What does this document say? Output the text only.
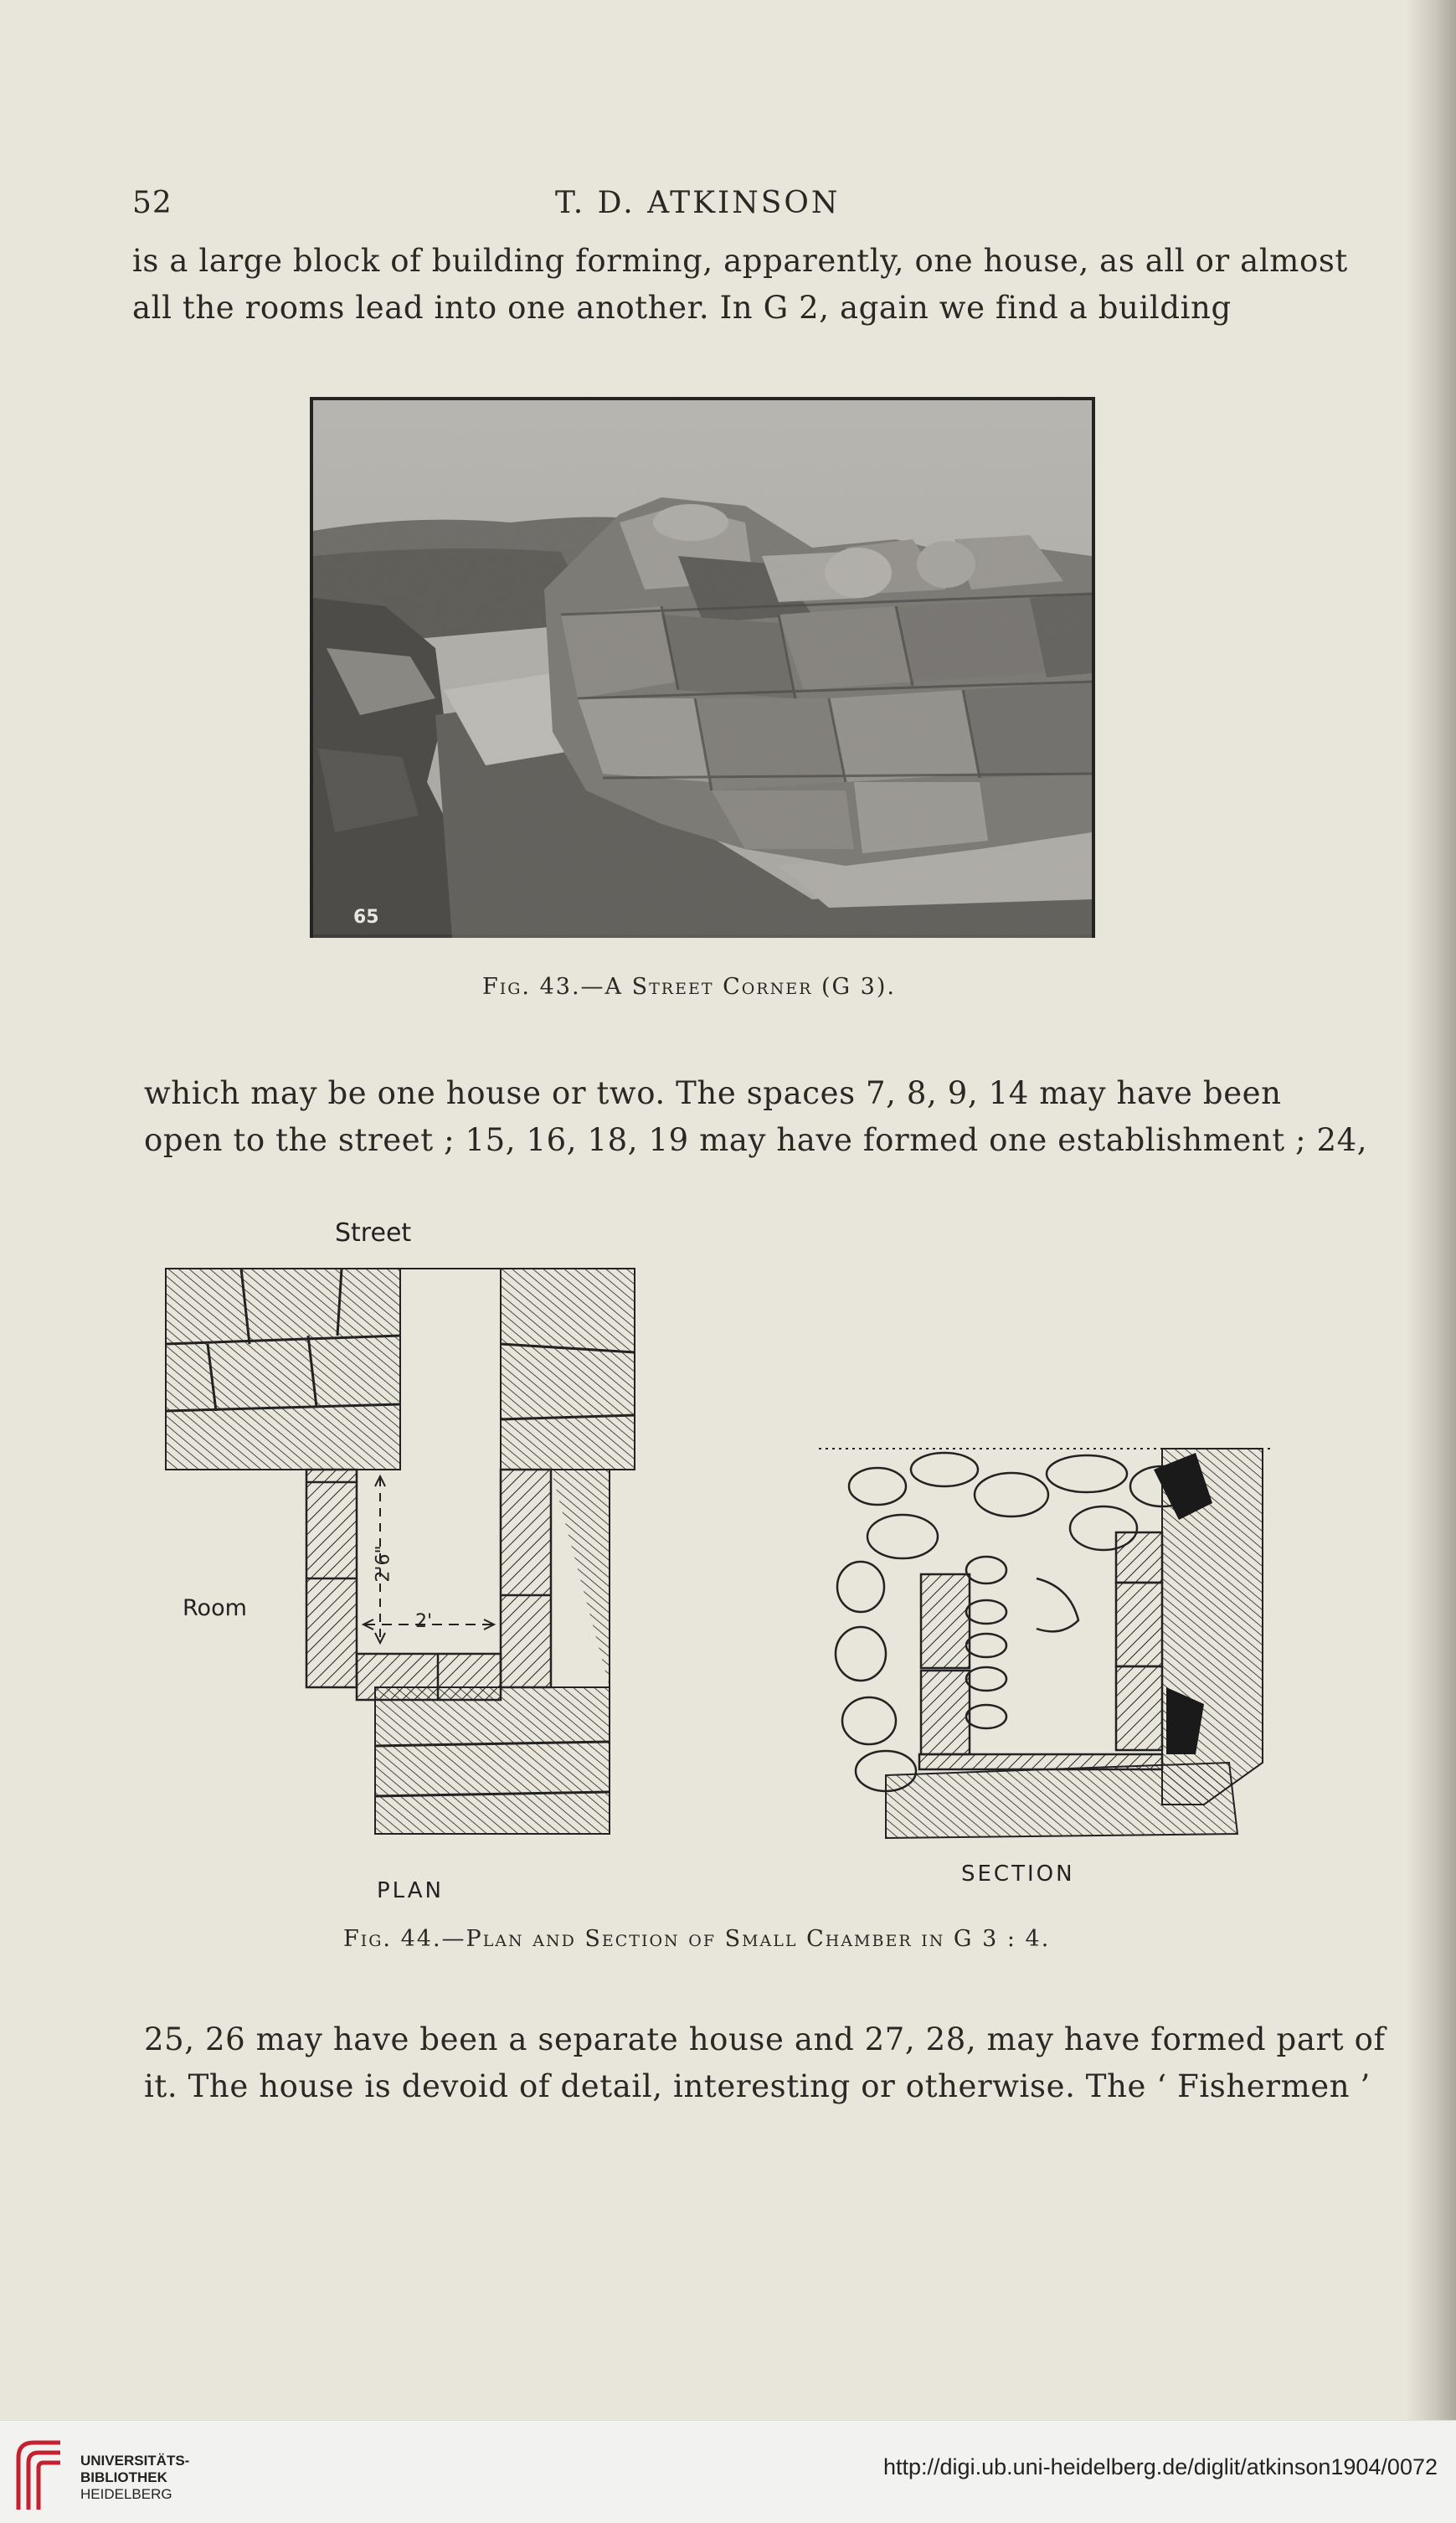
52	T. D. ATKINSON
is a large block of building forming, apparently, one house, as all or almost
all the rooms lead into one another. In G 2, again we find a building
65
Fig. 43.—A Street Corner (G 3).
which may be one house or two. The spaces 7, 8, 9, 14 may have been
open to the street ; 15, 16, 18, 19 may have formed one establishment ; 24,
Street
Room
2'6"
2'
PLAN
SECTION
Fig. 44.—Plan and Section of Small Chamber in G 3 : 4.
25, 26 may have been a separate house and 27, 28, may have formed part of
it. The house is devoid of detail, interesting or otherwise. The ‘ Fishermen ’
UNIVERSITÄTS-
BIBLIOTHEK
HEIDELBERG
http://digi.ub.uni-heidelberg.de/diglit/atkinson1904/0072
